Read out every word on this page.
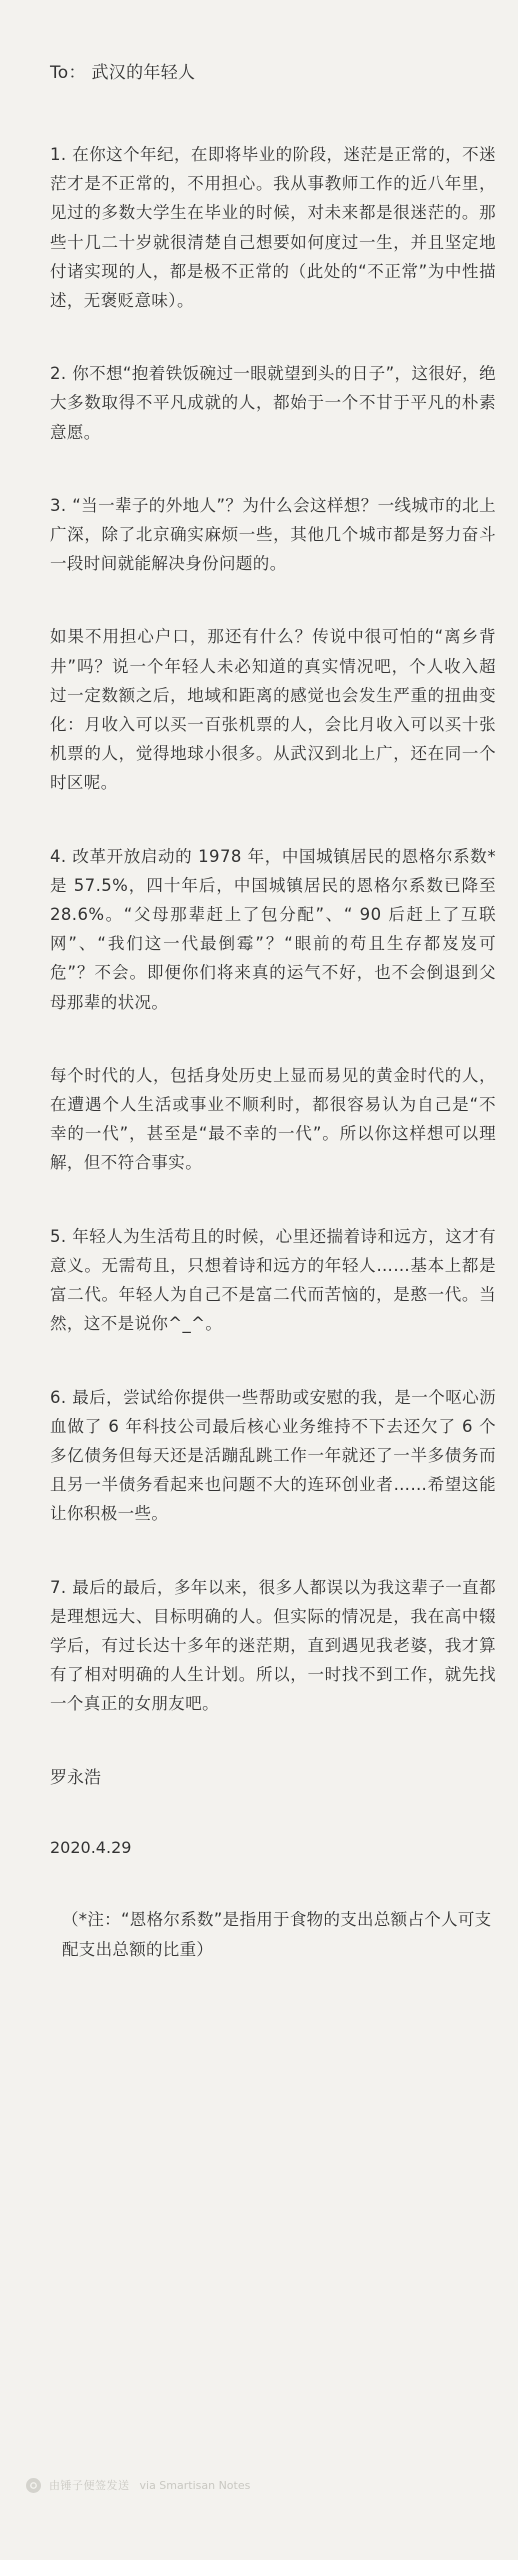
To： 武汉的年轻人
1. 在你这个年纪，在即将毕业的阶段，迷茫是正常的，不迷茫才是不正常的，不用担心。我从事教师工作的近八年里，见过的多数大学生在毕业的时候，对未来都是很迷茫的。那些十几二十岁就很清楚自己想要如何度过一生，并且坚定地付诸实现的人，都是极不正常的（此处的“不正常”为中性描述，无褒贬意味）。
2. 你不想“抱着铁饭碗过一眼就望到头的日子”，这很好，绝大多数取得不平凡成就的人，都始于一个不甘于平凡的朴素意愿。
3. “当一辈子的外地人”？为什么会这样想？一线城市的北上广深，除了北京确实麻烦一些，其他几个城市都是努力奋斗一段时间就能解决身份问题的。
如果不用担心户口，那还有什么？传说中很可怕的“离乡背井”吗？说一个年轻人未必知道的真实情况吧，个人收入超过一定数额之后，地域和距离的感觉也会发生严重的扭曲变化：月收入可以买一百张机票的人，会比月收入可以买十张机票的人，觉得地球小很多。从武汉到北上广，还在同一个时区呢。
4. 改革开放启动的 1978 年，中国城镇居民的恩格尔系数*是 57.5%，四十年后，中国城镇居民的恩格尔系数已降至 28.6%。“父母那辈赶上了包分配”、“ 90 后赶上了互联网”、“我们这一代最倒霉”？“眼前的苟且生存都岌岌可危”？不会。即便你们将来真的运气不好，也不会倒退到父母那辈的状况。
每个时代的人，包括身处历史上显而易见的黄金时代的人，在遭遇个人生活或事业不顺利时，都很容易认为自己是“不幸的一代”，甚至是“最不幸的一代”。所以你这样想可以理解，但不符合事实。
5. 年轻人为生活苟且的时候，心里还揣着诗和远方，这才有意义。无需苟且，只想着诗和远方的年轻人……基本上都是富二代。年轻人为自己不是富二代而苦恼的，是憨一代。当然，这不是说你^_^。
6. 最后，尝试给你提供一些帮助或安慰的我，是一个呕心沥血做了 6 年科技公司最后核心业务维持不下去还欠了 6 个多亿债务但每天还是活蹦乱跳工作一年就还了一半多债务而且另一半债务看起来也问题不大的连环创业者……希望这能让你积极一些。
7. 最后的最后，多年以来，很多人都误以为我这辈子一直都是理想远大、目标明确的人。但实际的情况是，我在高中辍学后，有过长达十多年的迷茫期，直到遇见我老婆，我才算有了相对明确的人生计划。所以，一时找不到工作，就先找一个真正的女朋友吧。
罗永浩
2020.4.29
（*注：“恩格尔系数”是指用于食物的支出总额占个人可支配支出总额的比重）
由锤子便签发送 via Smartisan Notes
